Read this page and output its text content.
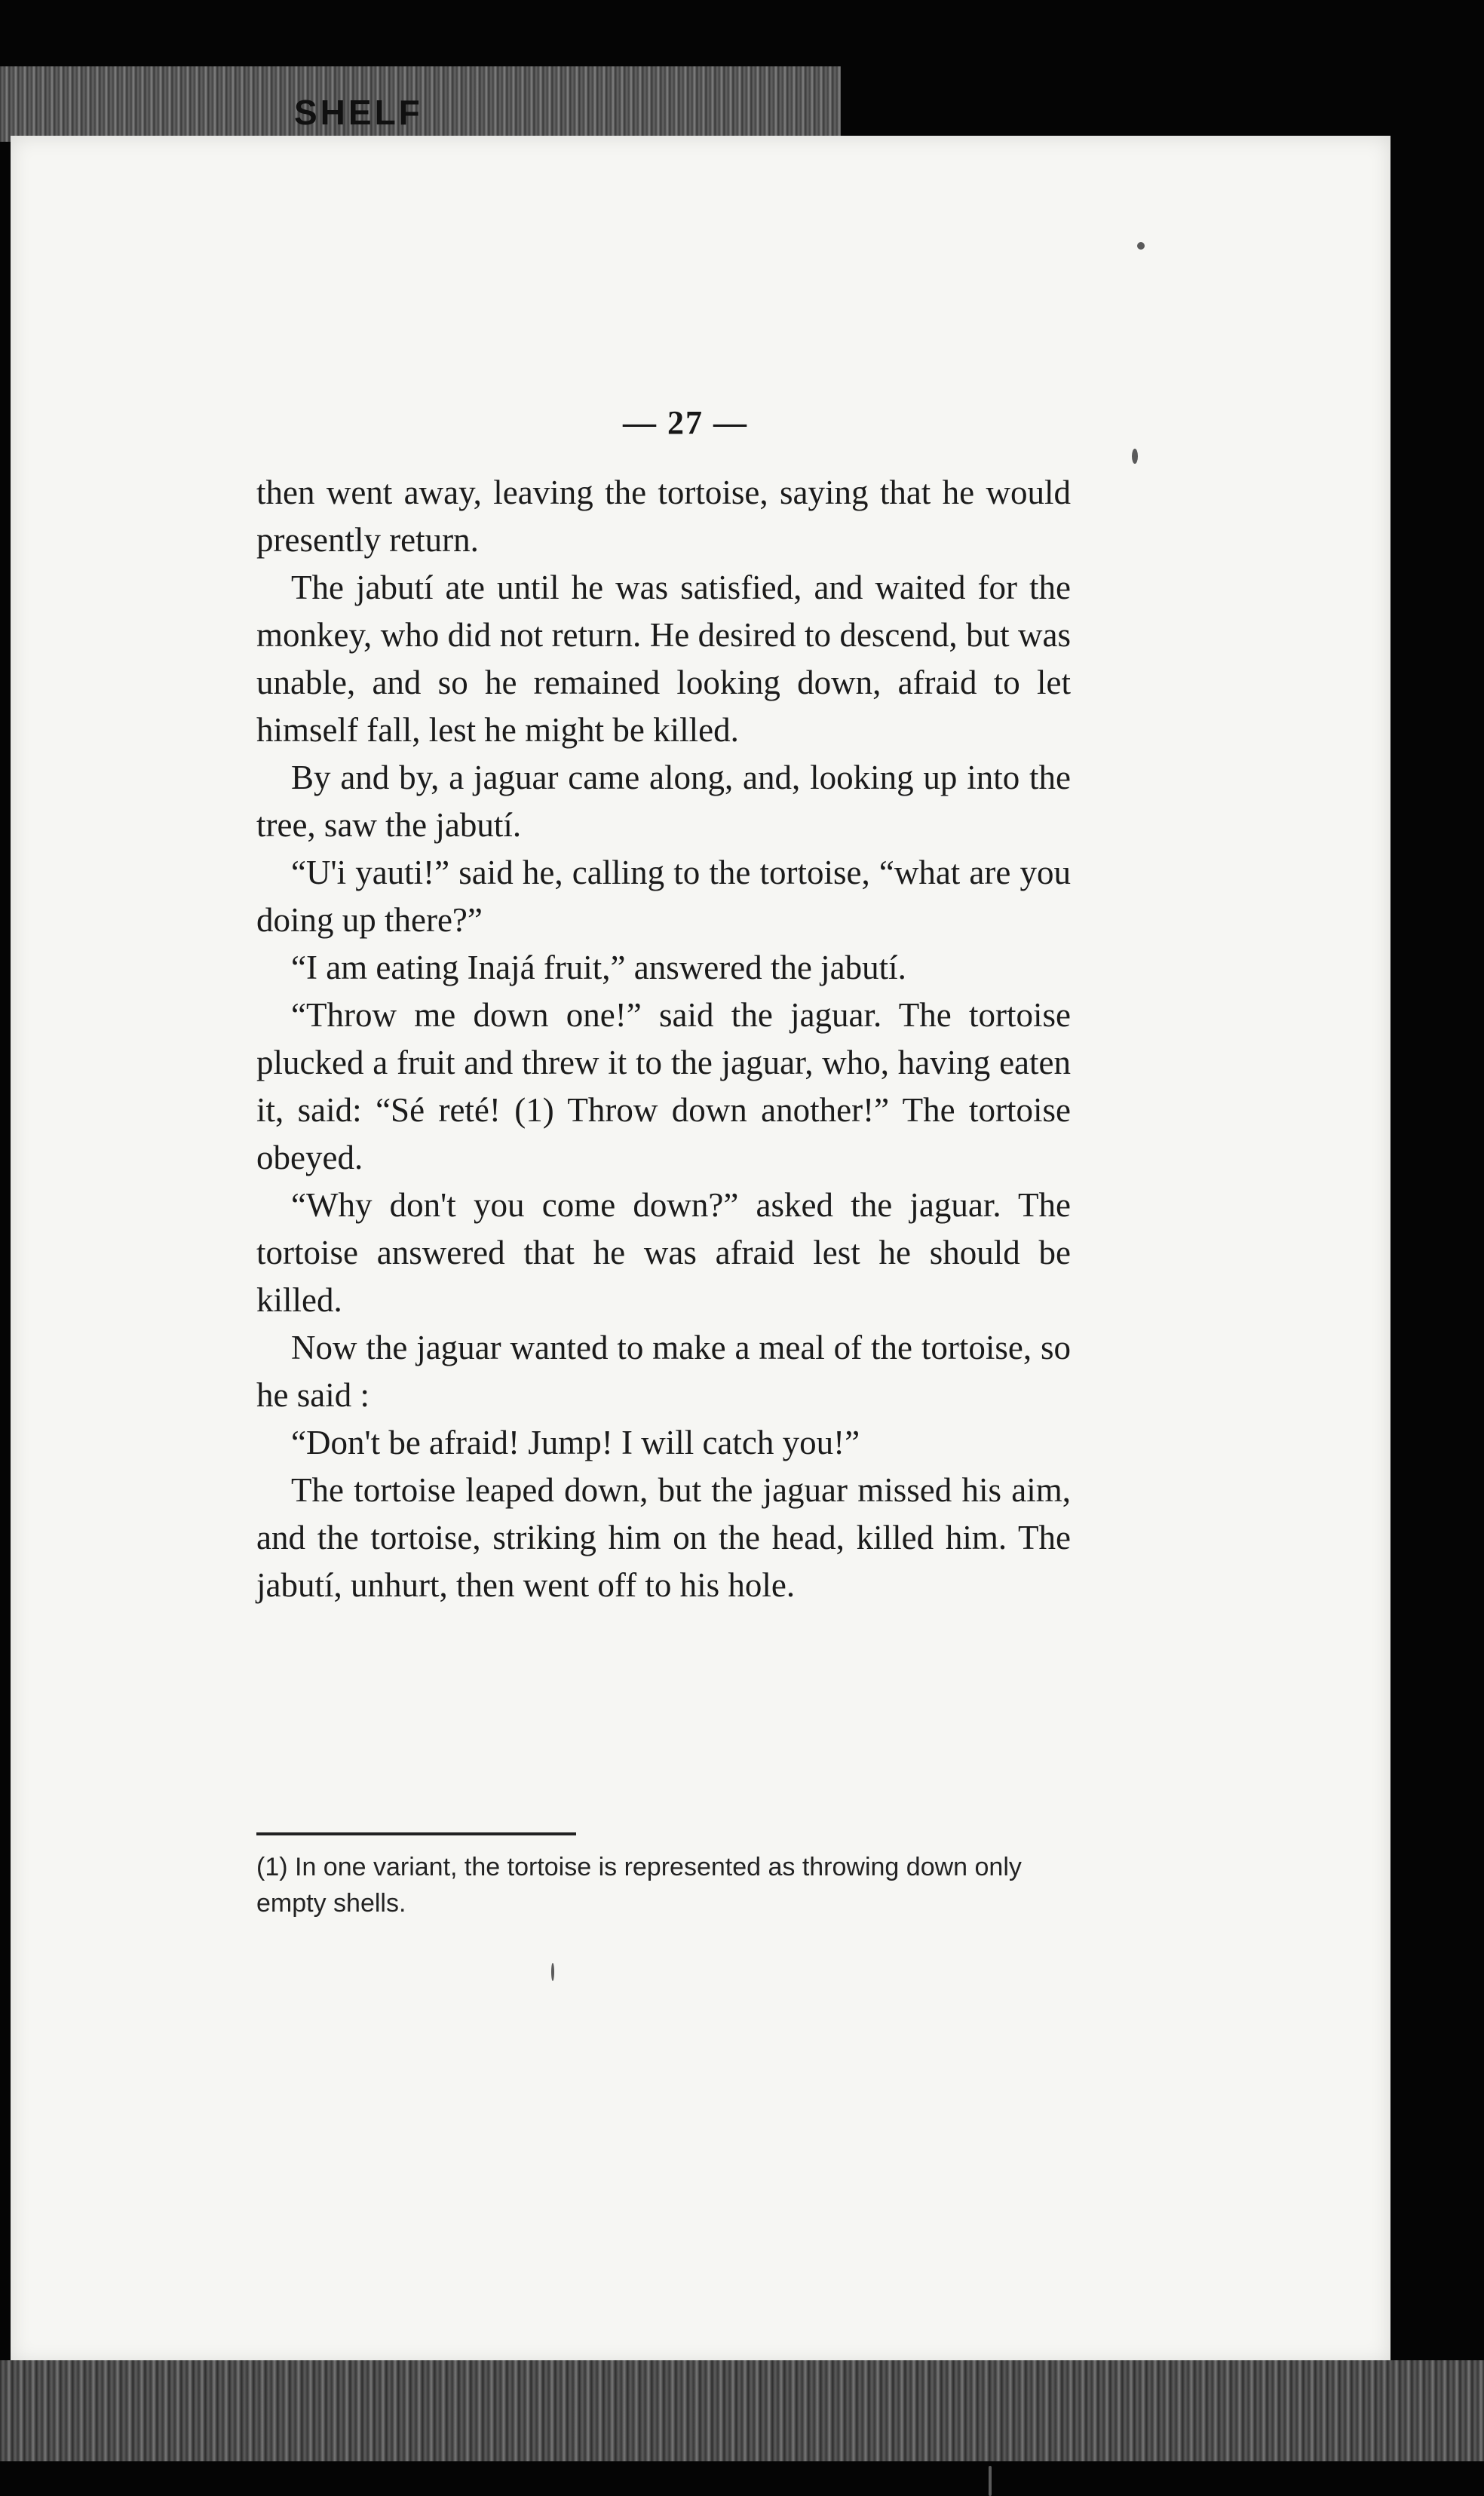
SHELF
— 27 —

then went away, leaving the tortoise, saying that he would presently return.

The jabutí ate until he was satisfied, and waited for the monkey, who did not return. He desired to descend, but was unable, and so he remained looking down, afraid to let himself fall, lest he might be killed.

By and by, a jaguar came along, and, looking up into the tree, saw the jabutí.

“U'i yauti!” said he, calling to the tortoise, “what are you doing up there?”

“I am eating Inajá fruit,” answered the jabutí.

“Throw me down one!” said the jaguar. The tortoise plucked a fruit and threw it to the jaguar, who, having eaten it, said: “Sé reté! (1) Throw down another!” The tortoise obeyed.

“Why don't you come down?” asked the jaguar. The tortoise answered that he was afraid lest he should be killed.

Now the jaguar wanted to make a meal of the tortoise, so he said :

“Don't be afraid! Jump! I will catch you!”

The tortoise leaped down, but the jaguar missed his aim, and the tortoise, striking him on the head, killed him. The jabutí, unhurt, then went off to his hole.

(1) In one variant, the tortoise is represented as throwing down only empty shells.
